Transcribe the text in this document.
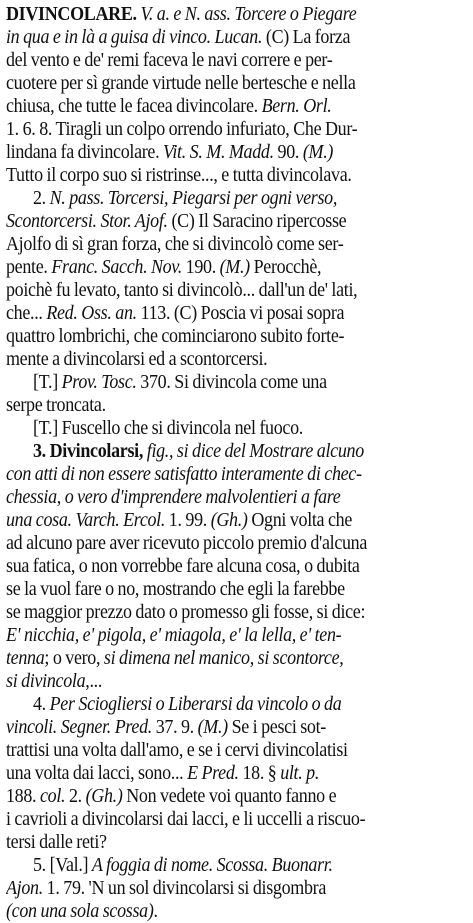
DIVINCOLARE. V. a. e N. ass. Torcere o Piegare
in qua e in là a guisa di vinco. Lucan. (C) La forza
del vento e de' remi faceva le navi correre e per-
cuotere per sì grande virtude nelle bertesche e nella
chiusa, che tutte le facea divincolare. Bern. Orl.
1. 6. 8. Tiragli un colpo orrendo infuriato, Che Dur-
lindana fa divincolare. Vit. S. M. Madd. 90. (M.)
Tutto il corpo suo si ristrinse..., e tutta divincolava.
2. N. pass. Torcersi, Piegarsi per ogni verso,
Scontorcersi. Stor. Ajof. (C) Il Saracino ripercosse
Ajolfo di sì gran forza, che si divincolò come ser-
pente. Franc. Sacch. Nov. 190. (M.) Perocchè,
poichè fu levato, tanto si divincolò... dall'un de' lati,
che... Red. Oss. an. 113. (C) Posciа vi posai sopra
quattro lombrichi, che cominciarono subito forte-
mente a divincolarsi ed a scontorcersi.
[T.] Prov. Tosc. 370. Si divincola come una
serpe troncata.
[T.] Fuscello che si divincola nel fuoco.
3. Divincolarsi, fig., si dice del Mostrare alcuno
con atti di non essere satisfatto interamente di chec-
chessia, o vero d'imprendere malvolentieri a fare
una cosa. Varch. Ercol. 1. 99. (Gh.) Ogni volta che
ad alcuno pare aver ricevuto piccolo premio d'alcuna
sua fatica, o non vorrebbe fare alcuna cosa, o dubita
se la vuol fare o no, mostrando che egli la farebbe
se maggior prezzo dato o promesso gli fosse, si dice:
E' nicchia, e' pigola, e' miagola, e' la lella, e' ten-
tenna; o vero, si dimena nel manico, si scontorce,
si divincola,...
4. Per Sciogliersi o Liberarsi da vincolo o da
vincoli. Segner. Pred. 37. 9. (M.) Se i pesci sot-
trattisi una volta dall'amo, e se i cervi divincolatisi
una volta dai lacci, sono... E Pred. 18. § ult. p.
188. col. 2. (Gh.) Non vedete voi quanto fanno e
i cavrioli a divincolarsi dai lacci, e li uccelli a riscuo-
tersi dalle reti?
5. [Val.] A foggia di nome. Scossa. Buonarr.
Ajon. 1. 79. 'N un sol divincolarsi si disgombra
(con una sola scossa).
